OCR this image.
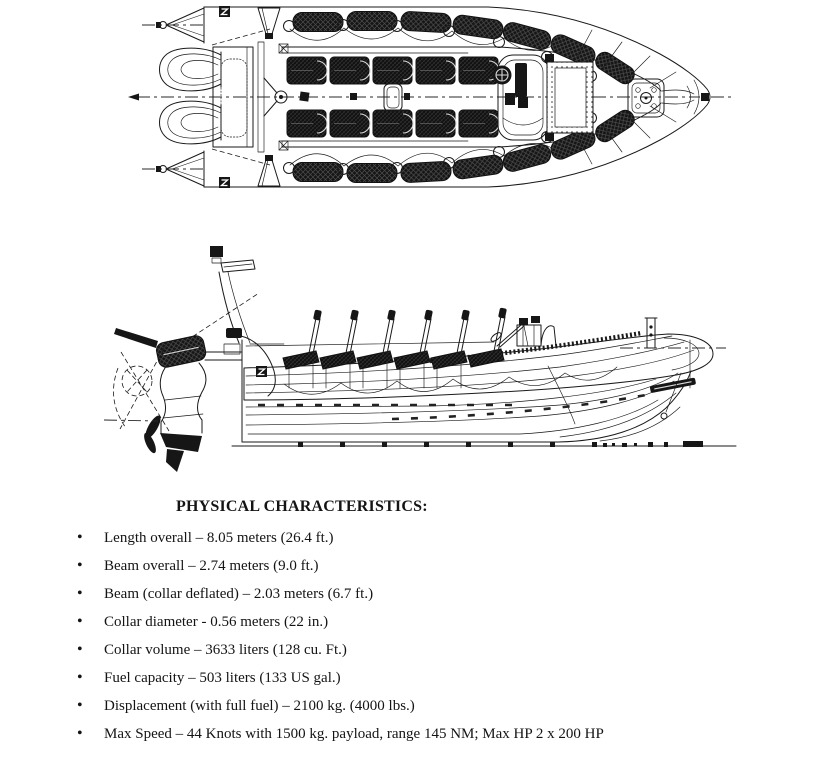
PHYSICAL CHARACTERISTICS:
•	Length overall – 8.05 meters (26.4 ft.)
•	Beam overall – 2.74 meters (9.0 ft.)
•	Beam (collar deflated) – 2.03 meters (6.7 ft.)
•	Collar diameter - 0.56 meters (22 in.)
•	Collar volume – 3633 liters (128 cu. Ft.)
•	Fuel capacity – 503 liters (133 US gal.)
•	Displacement (with full fuel) – 2100 kg. (4000 lbs.)
•	Max Speed – 44 Knots with 1500 kg. payload, range 145 NM; Max HP 2 x 200 HP
